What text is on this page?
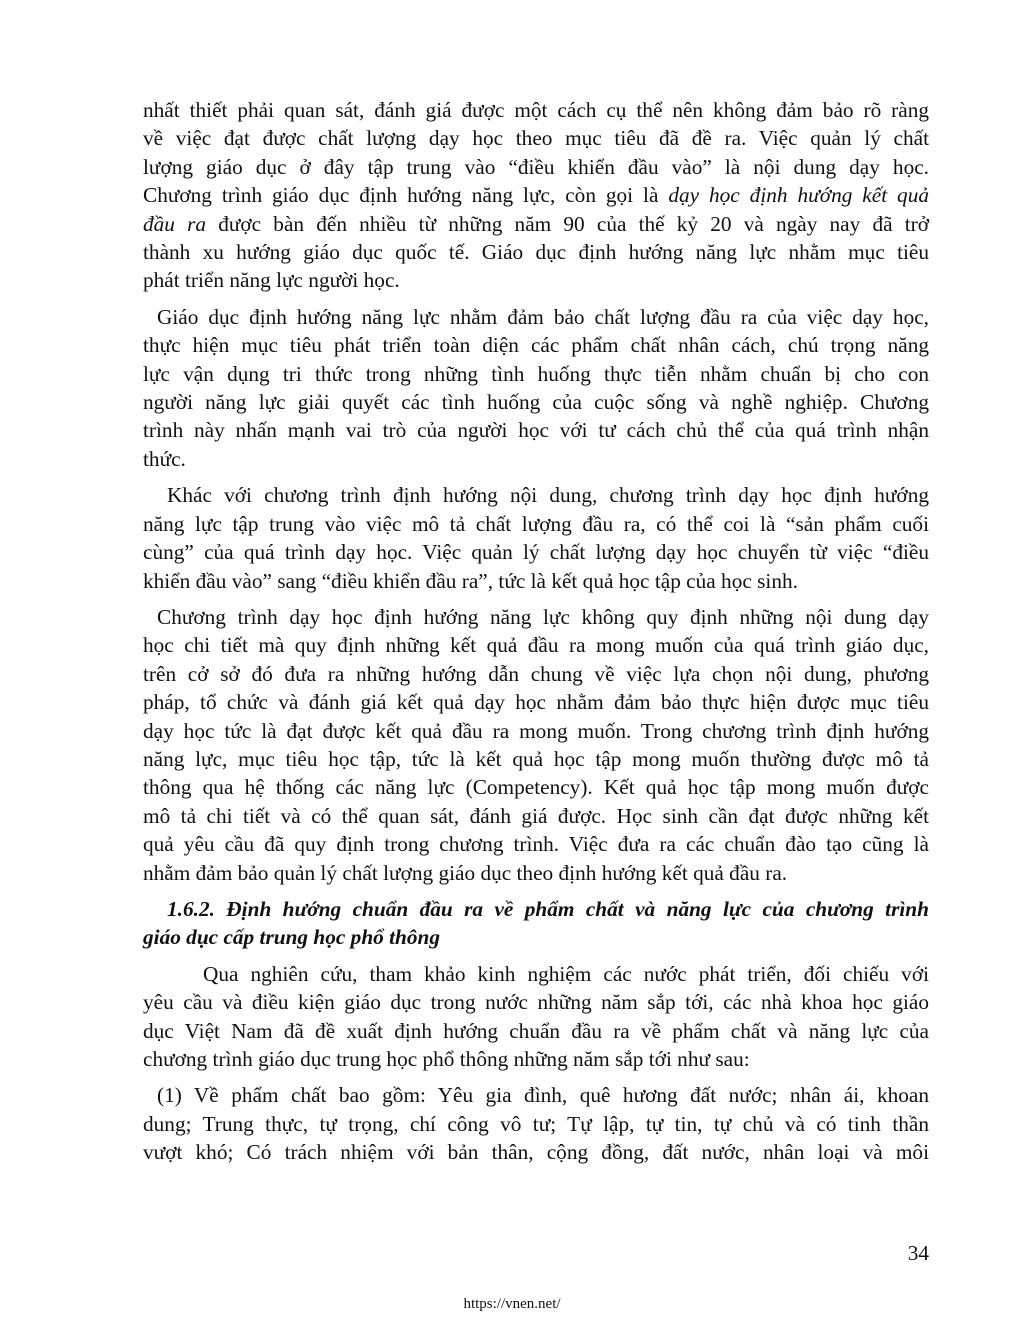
nhất thiết phải quan sát, đánh giá được một cách cụ thể nên không đảm bảo rõ ràng
về việc đạt được chất lượng dạy học theo mục tiêu đã đề ra. Việc quản lý chất
lượng giáo dục ở đây tập trung vào “điều khiển đầu vào” là nội dung dạy học.
Chương trình giáo dục định hướng năng lực, còn gọi là dạy học định hướng kết quả
đầu ra được bàn đến nhiều từ những năm 90 của thế kỷ 20 và ngày nay đã trở
thành xu hướng giáo dục quốc tế. Giáo dục định hướng năng lực nhằm mục tiêu
phát triển năng lực người học.
Giáo dục định hướng năng lực nhằm đảm bảo chất lượng đầu ra của việc dạy học,
thực hiện mục tiêu phát triển toàn diện các phẩm chất nhân cách, chú trọng năng
lực vận dụng tri thức trong những tình huống thực tiễn nhằm chuẩn bị cho con
người năng lực giải quyết các tình huống của cuộc sống và nghề nghiệp. Chương
trình này nhấn mạnh vai trò của người học với tư cách chủ thể của quá trình nhận
thức.
Khác với chương trình định hướng nội dung, chương trình dạy học định hướng
năng lực tập trung vào việc mô tả chất lượng đầu ra, có thể coi là “sản phẩm cuối
cùng” của quá trình dạy học. Việc quản lý chất lượng dạy học chuyển từ việc “điều
khiển đầu vào” sang “điều khiển đầu ra”, tức là kết quả học tập của học sinh.
Chương trình dạy học định hướng năng lực không quy định những nội dung dạy
học chi tiết mà quy định những kết quả đầu ra mong muốn của quá trình giáo dục,
trên cở sở đó đưa ra những hướng dẫn chung về việc lựa chọn nội dung, phương
pháp, tổ chức và đánh giá kết quả dạy học nhằm đảm bảo thực hiện được mục tiêu
dạy học tức là đạt được kết quả đầu ra mong muốn. Trong chương trình định hướng
năng lực, mục tiêu học tập, tức là kết quả học tập mong muốn thường được mô tả
thông qua hệ thống các năng lực (Competency). Kết quả học tập mong muốn được
mô tả chi tiết và có thể quan sát, đánh giá được. Học sinh cần đạt được những kết
quả yêu cầu đã quy định trong chương trình. Việc đưa ra các chuẩn đào tạo cũng là
nhằm đảm bảo quản lý chất lượng giáo dục theo định hướng kết quả đầu ra.
1.6.2. Định hướng chuẩn đầu ra về phẩm chất và năng lực của chương trình
giáo dục cấp trung học phổ thông
Qua nghiên cứu, tham khảo kinh nghiệm các nước phát triển, đối chiếu với
yêu cầu và điều kiện giáo dục trong nước những năm sắp tới, các nhà khoa học giáo
dục Việt Nam đã đề xuất định hướng chuẩn đầu ra về phẩm chất và năng lực của
chương trình giáo dục trung học phổ thông những năm sắp tới như sau:
(1) Về phẩm chất bao gồm: Yêu gia đình, quê hương đất nước; nhân ái, khoan
dung; Trung thực, tự trọng, chí công vô tư; Tự lập, tự tin, tự chủ và có tinh thần
vượt khó; Có trách nhiệm với bản thân, cộng đồng, đất nước, nhân loại và môi
34
https://vnen.net/
